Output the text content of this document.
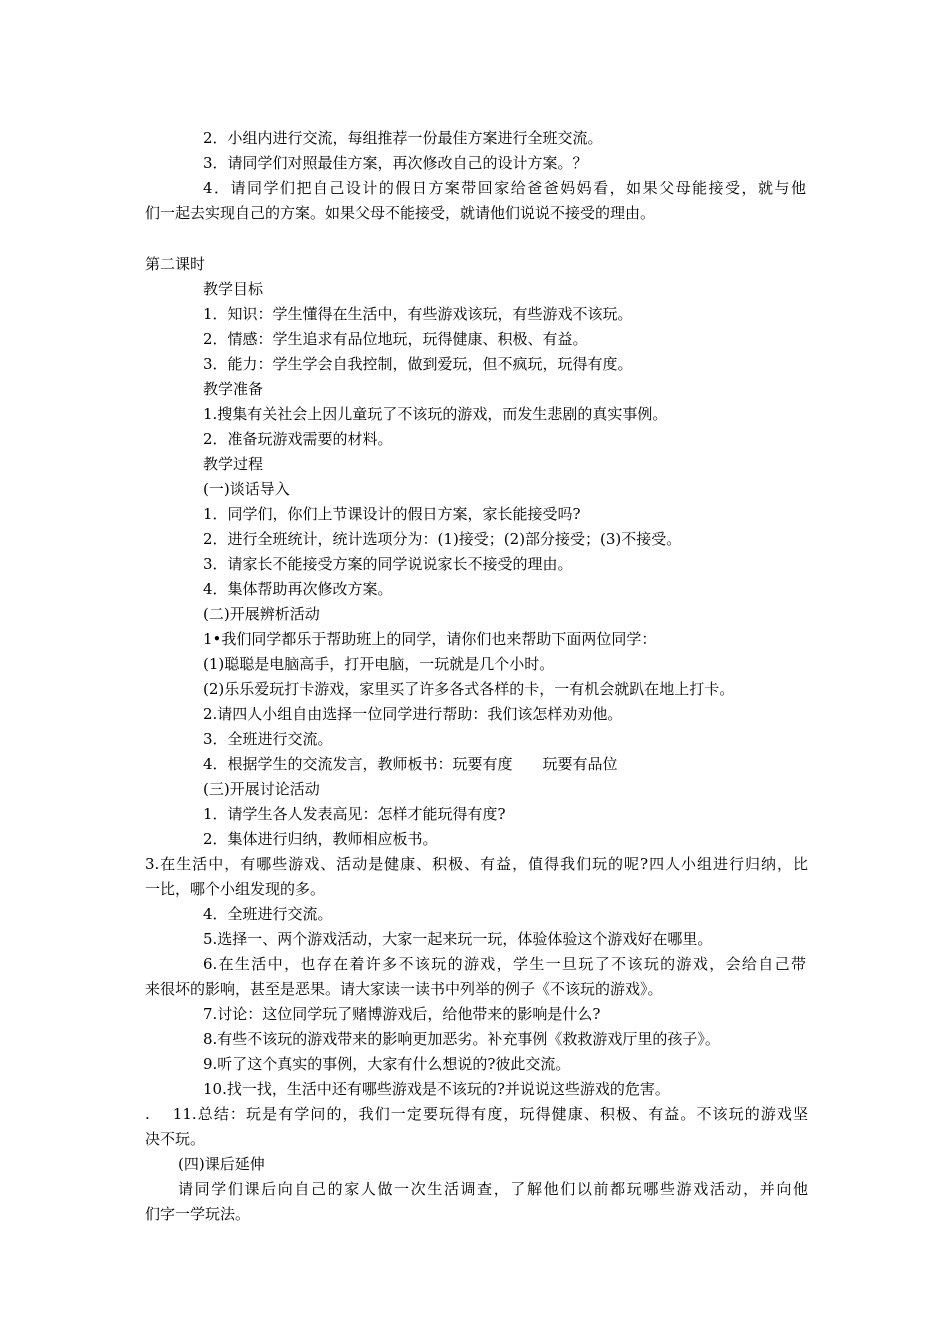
2．小组内进行交流，每组推荐一份最佳方案进行全班交流。
3．请同学们对照最佳方案，再次修改自己的设计方案。？
4．请同学们把自己设计的假日方案带回家给爸爸妈妈看，如果父母能接受，就与他
们一起去实现自己的方案。如果父母不能接受，就请他们说说不接受的理由。
第二课时
教学目标
1．知识：学生懂得在生活中，有些游戏该玩，有些游戏不该玩。
2．情感：学生追求有品位地玩，玩得健康、积极、有益。
3．能力：学生学会自我控制，做到爱玩，但不疯玩，玩得有度。
教学准备
1.搜集有关社会上因儿童玩了不该玩的游戏，而发生悲剧的真实事例。
2．准备玩游戏需要的材料。
教学过程
(一)谈话导入
1．同学们，你们上节课设计的假日方案，家长能接受吗?
2．进行全班统计，统计选项分为：(1)接受；(2)部分接受；(3)不接受。
3．请家长不能接受方案的同学说说家长不接受的理由。
4．集体帮助再次修改方案。
(二)开展辨析活动
1•我们同学都乐于帮助班上的同学，请你们也来帮助下面两位同学：
(1)聪聪是电脑高手，打开电脑，一玩就是几个小时。
(2)乐乐爱玩打卡游戏，家里买了许多各式各样的卡，一有机会就趴在地上打卡。
2.请四人小组自由选择一位同学进行帮助：我们该怎样劝劝他。
3．全班进行交流。
4．根据学生的交流发言，教师板书：玩要有度　　玩要有品位
(三)开展讨论活动
1．请学生各人发表高见：怎样才能玩得有度?
2．集体进行归纳，教师相应板书。
3.在生活中，有哪些游戏、活动是健康、积极、有益，值得我们玩的呢?四人小组进行归纳，比
一比，哪个小组发现的多。
4．全班进行交流。
5.选择一、两个游戏活动，大家一起来玩一玩，体验体验这个游戏好在哪里。
6.在生活中，也存在着许多不该玩的游戏，学生一旦玩了不该玩的游戏，会给自己带
来很坏的影响，甚至是恶果。请大家读一读书中列举的例子《不该玩的游戏》。
7.讨论：这位同学玩了赌博游戏后，给他带来的影响是什么?
8.有些不该玩的游戏带来的影响更加恶劣。补充事例《救救游戏厅里的孩子》。
9.听了这个真实的事例，大家有什么想说的?彼此交流。
10.找一找，生活中还有哪些游戏是不该玩的?并说说这些游戏的危害。
.　 11.总结：玩是有学问的，我们一定要玩得有度，玩得健康、积极、有益。不该玩的游戏坚
决不玩。
(四)课后延伸
请同学们课后向自己的家人做一次生活调查，了解他们以前都玩哪些游戏活动，并向他
们字一学玩法。
